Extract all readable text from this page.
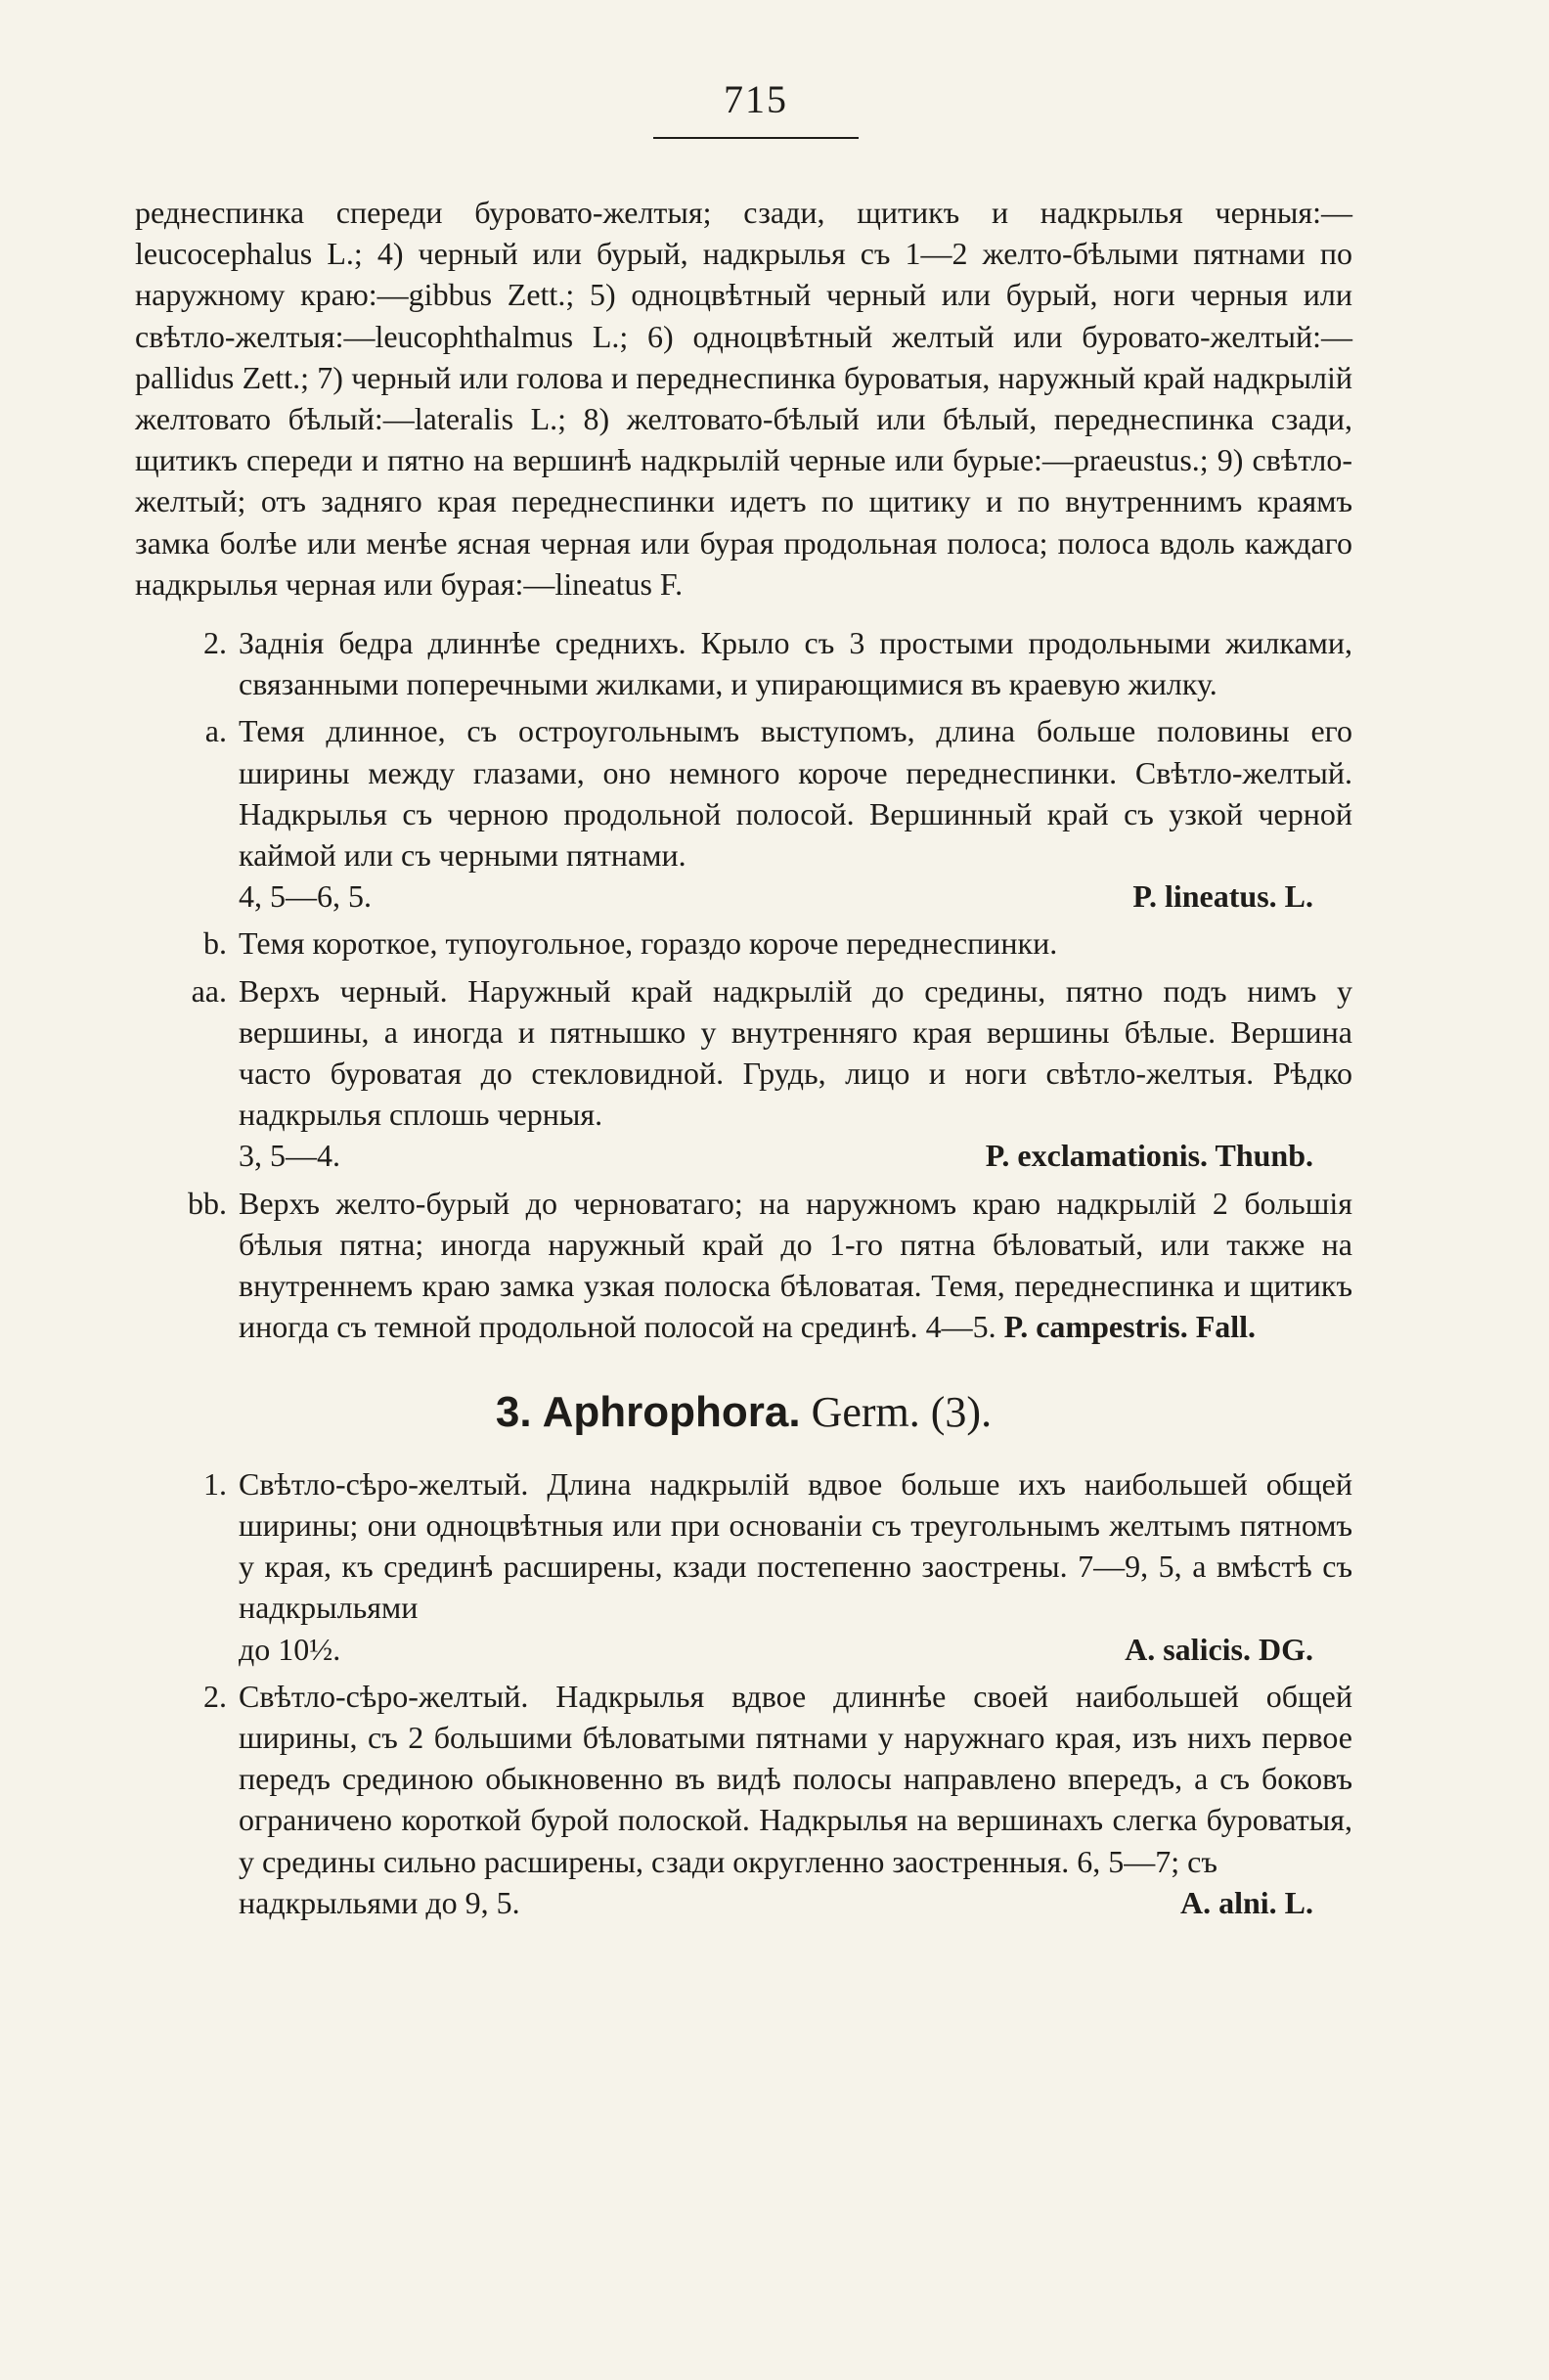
715

реднеспинка спереди буровато-желтыя; сзади, щитикъ и надкрылья черныя:—leucocephalus L.; 4) черный или бурый, надкрылья съ 1—2 желто-бѣлыми пятнами по наружному краю:—gibbus Zett.; 5) одноцвѣтный черный или бурый, ноги черныя или свѣтло-желтыя:—leucophthalmus L.; 6) одноцвѣтный желтый или буровато-желтый:—pallidus Zett.; 7) черный или голова и переднеспинка буроватыя, наружный край надкрылій желтовато бѣлый:—lateralis L.; 8) желтовато-бѣлый или бѣлый, переднеспинка сзади, щитикъ спереди и пятно на вершинѣ надкрылій черные или бурые:—praeustus.; 9) свѣтло-желтый; отъ задняго края переднеспинки идетъ по щитику и по внутреннимъ краямъ замка болѣе или менѣе ясная черная или бурая продольная полоса; полоса вдоль каждаго надкрылья черная или бурая:—lineatus F.

2. Заднія бедра длиннѣе среднихъ. Крыло съ 3 простыми продольными жилками, связанными поперечными жилками, и упирающимися въ краевую жилку.
a. Темя длинное, съ остроугольнымъ выступомъ, длина больше половины его ширины между глазами, оно немного короче переднеспинки. Свѣтло-желтый. Надкрылья съ черною продольной полосой. Вершинный край съ узкой черной каймой или съ черными пятнами.
4, 5—6, 5.	P. lineatus. L.
b. Темя короткое, тупоугольное, гораздо короче переднеспинки.
aa. Верхъ черный. Наружный край надкрылій до средины, пятно подъ нимъ у вершины, а иногда и пятнышко у внутренняго края вершины бѣлые. Вершина часто буроватая до стекловидной. Грудь, лицо и ноги свѣтло-желтыя. Рѣдко надкрылья сплошь черныя.
3, 5—4.	P. exclamationis. Thunb.
bb. Верхъ желто-бурый до черноватаго; на наружномъ краю надкрылій 2 большія бѣлыя пятна; иногда наружный край до 1-го пятна бѣловатый, или также на внутреннемъ краю замка узкая полоска бѣловатая. Темя, переднеспинка и щитикъ иногда съ темной продольной полосой на срединѣ. 4—5. P. campestris. Fall.
3. Aphrophora. Germ. (3).
1. Свѣтло-сѣро-желтый. Длина надкрылій вдвое больше ихъ наибольшей общей ширины; они одноцвѣтныя или при основаніи съ треугольнымъ желтымъ пятномъ у края, къ срединѣ расширены, кзади постепенно заострены. 7—9, 5, а вмѣстѣ съ надкрыльями
до 10½.	A. salicis. DG.
2. Свѣтло-сѣро-желтый. Надкрылья вдвое длиннѣе своей наибольшей общей ширины, съ 2 большими бѣловатыми пятнами у наружнаго края, изъ нихъ первое передъ срединою обыкновенно въ видѣ полосы направлено впередъ, а съ боковъ ограничено короткой бурой полоской. Надкрылья на вершинахъ слегка буроватыя, у средины сильно расширены, сзади округленно заостренныя. 6, 5—7; съ
надкрыльями до 9, 5.	A. alni. L.
